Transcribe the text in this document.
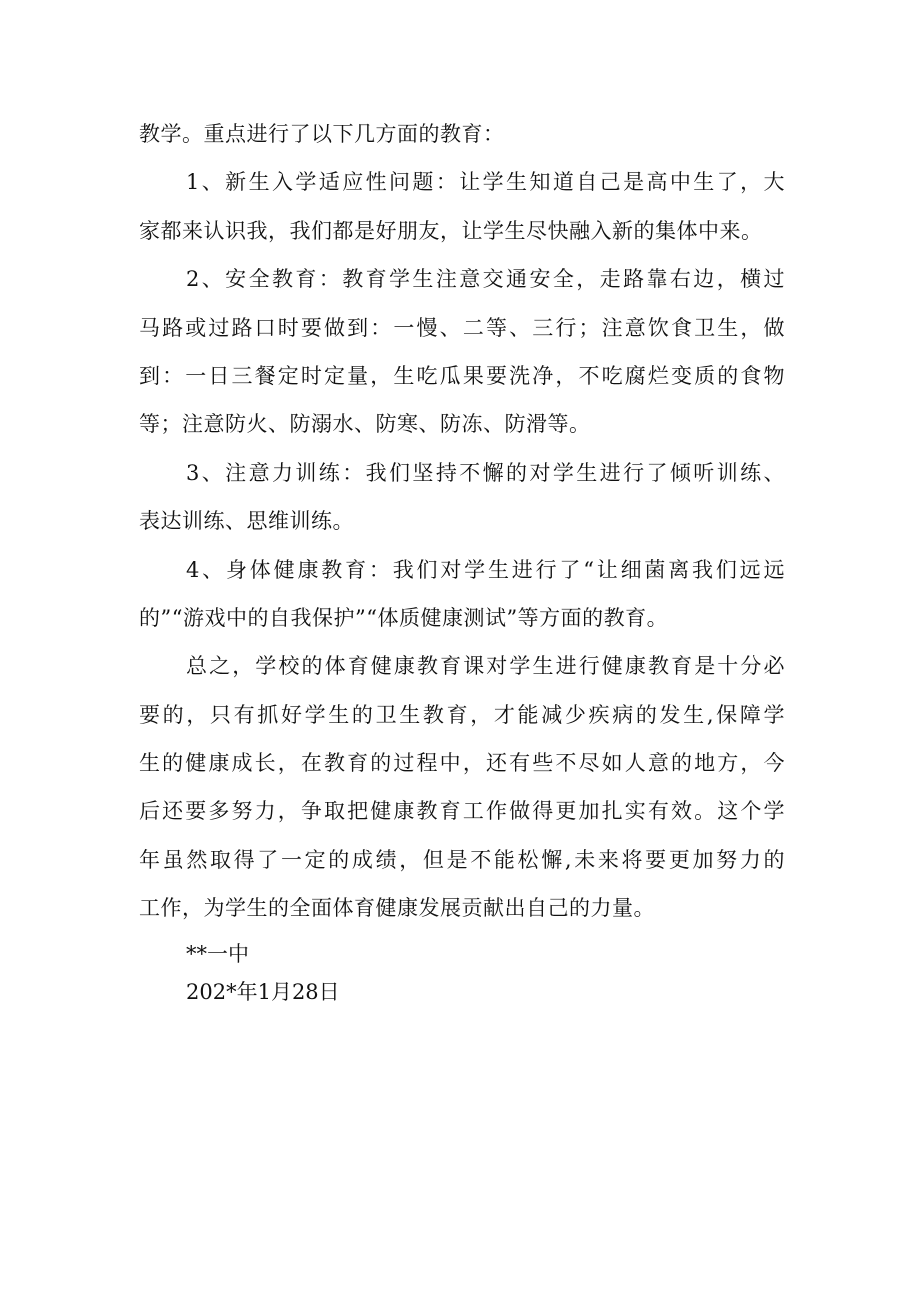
教学。重点进行了以下几方面的教育：
1、新生入学适应性问题：让学生知道自己是高中生了，大
家都来认识我，我们都是好朋友，让学生尽快融入新的集体中来。
2、安全教育：教育学生注意交通安全，走路靠右边，横过
马路或过路口时要做到：一慢、二等、三行；注意饮食卫生，做
到：一日三餐定时定量，生吃瓜果要洗净，不吃腐烂变质的食物
等；注意防火、防溺水、防寒、防冻、防滑等。
3、注意力训练：我们坚持不懈的对学生进行了倾听训练、
表达训练、思维训练。
4、身体健康教育：我们对学生进行了“让细菌离我们远远
的”“游戏中的自我保护”“体质健康测试”等方面的教育。
总之，学校的体育健康教育课对学生进行健康教育是十分必
要的，只有抓好学生的卫生教育，才能减少疾病的发生,保障学
生的健康成长，在教育的过程中，还有些不尽如人意的地方，今
后还要多努力，争取把健康教育工作做得更加扎实有效。这个学
年虽然取得了一定的成绩，但是不能松懈,未来将要更加努力的
工作，为学生的全面体育健康发展贡献出自己的力量。
**一中
202*年1月28日
